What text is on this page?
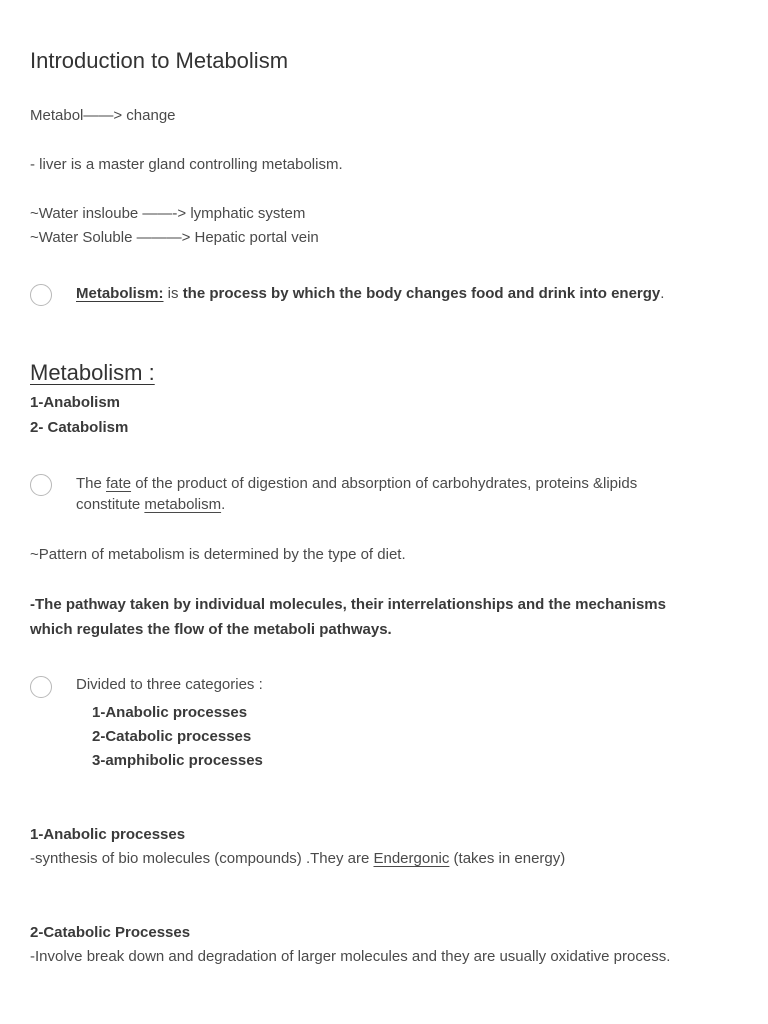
Introduction to Metabolism
Metabol——> change
- liver is a master gland controlling metabolism.
~Water insloube ——-> lymphatic system
~Water Soluble ———> Hepatic portal vein
Metabolism: is the process by which the body changes food and drink into energy.
Metabolism :
1-Anabolism
2- Catabolism
The fate of the product of digestion and absorption of carbohydrates, proteins &lipids
constitute metabolism.
~Pattern of metabolism is determined by the type of diet.
-The pathway taken by individual molecules, their interrelationships and the mechanisms
which regulates the flow of the metaboli pathways.
Divided to three categories :
1-Anabolic processes
2-Catabolic processes
3-amphibolic processes
1-Anabolic processes
-synthesis of bio molecules (compounds) .They are Endergonic (takes in energy)
2-Catabolic Processes
-Involve break down and degradation of larger molecules and they are usually oxidative process.
